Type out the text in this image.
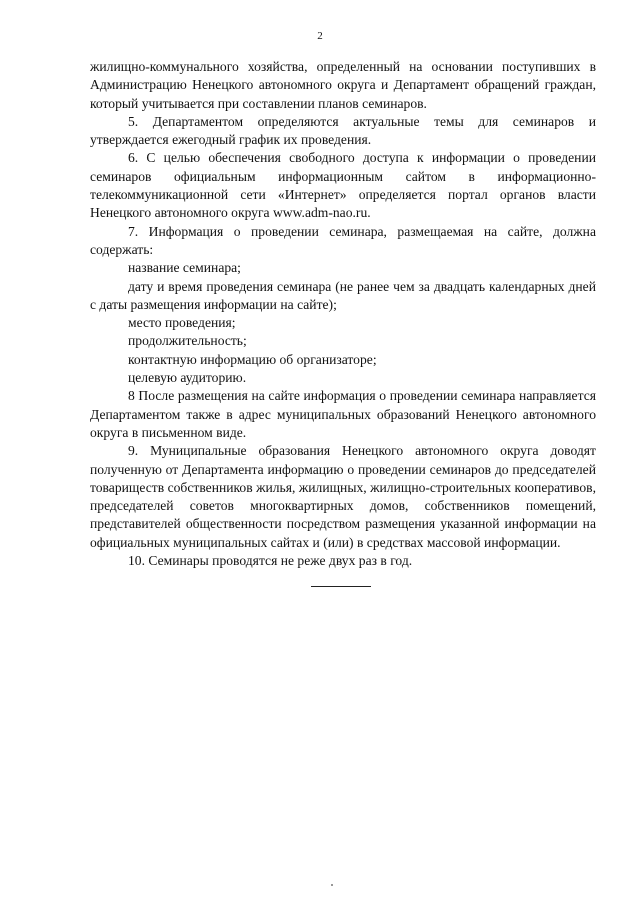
2

жилищно-коммунального хозяйства, определенный на основании поступивших в Администрацию Ненецкого автономного округа и Департамент обращений граждан, который учитывается при составлении планов семинаров.

5. Департаментом определяются актуальные темы для семинаров и утверждается ежегодный график их проведения.

6. С целью обеспечения свободного доступа к информации о проведении семинаров официальным информационным сайтом в информационно-телекоммуникационной сети «Интернет» определяется портал органов власти Ненецкого автономного округа www.adm-nao.ru.

7. Информация о проведении семинара, размещаемая на сайте, должна содержать:

название семинара;

дату и время проведения семинара (не ранее чем за двадцать календарных дней с даты размещения информации на сайте);

место проведения;

продолжительность;

контактную информацию об организаторе;

целевую аудиторию.

8 После размещения на сайте информация о проведении семинара направляется Департаментом также в адрес муниципальных образований Ненецкого автономного округа в письменном виде.

9. Муниципальные образования Ненецкого автономного округа доводят полученную от Департамента информацию о проведении семинаров до председателей товариществ собственников жилья, жилищных, жилищно-строительных кооперативов, председателей советов многоквартирных домов, собственников помещений, представителей общественности посредством размещения указанной информации на официальных муниципальных сайтах и (или) в средствах массовой информации.

10. Семинары проводятся не реже двух раз в год.
